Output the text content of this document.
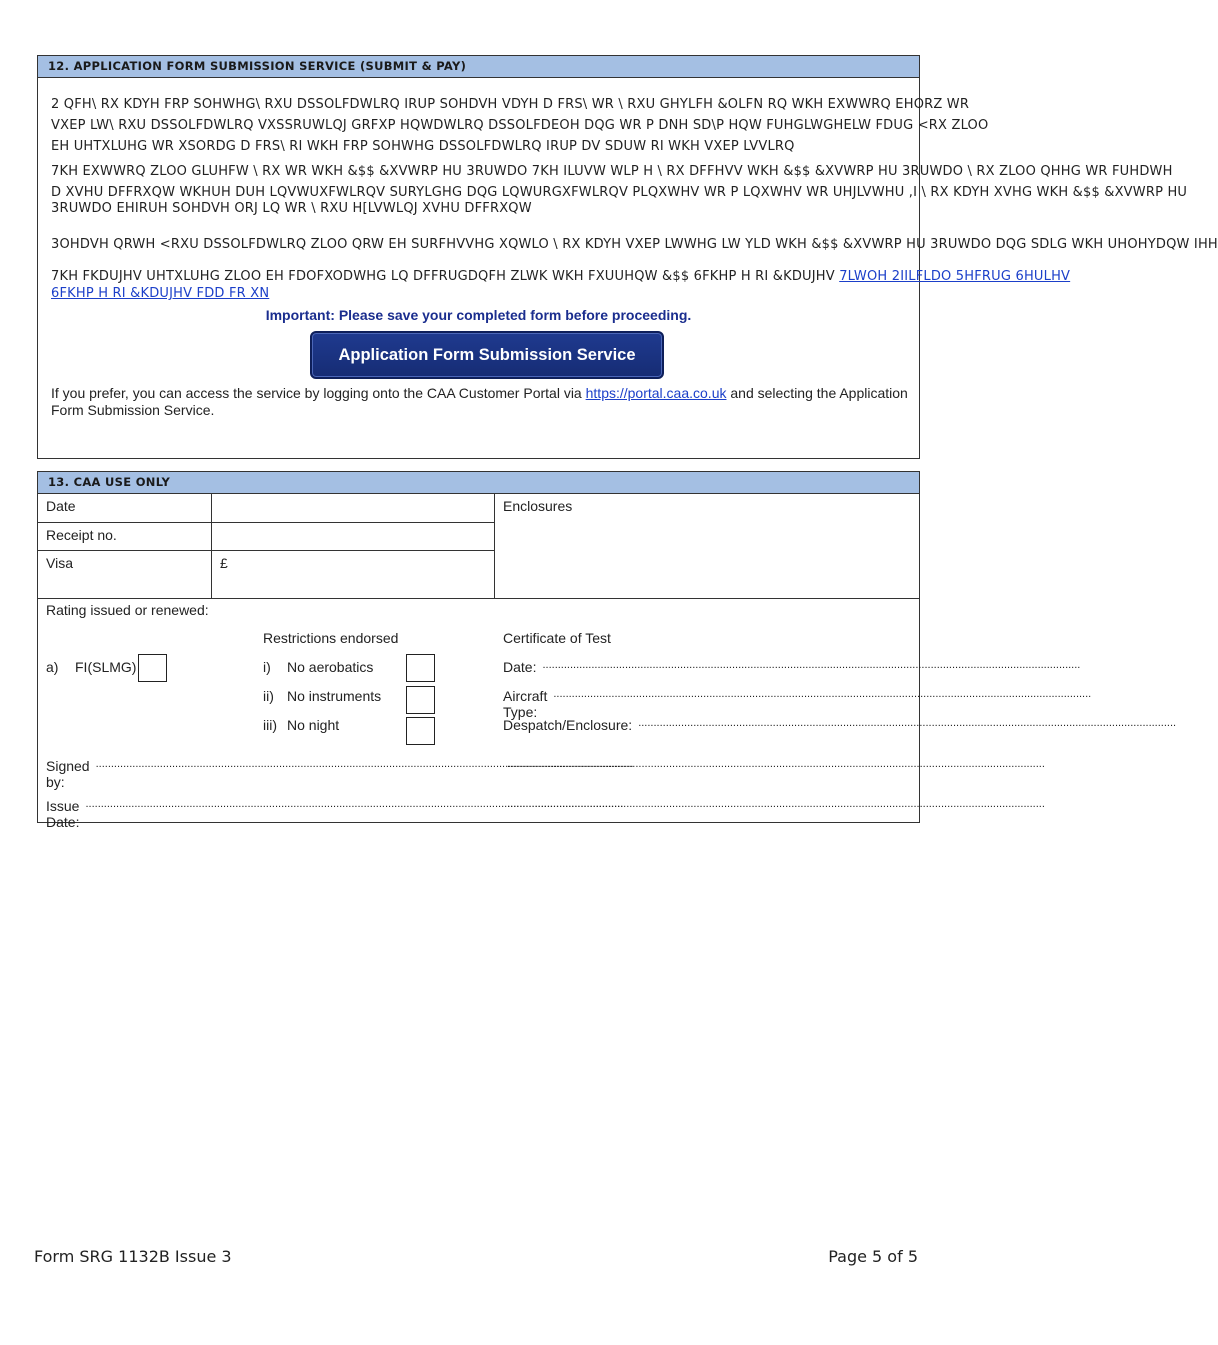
12. APPLICATION FORM SUBMISSION SERVICE (SUBMIT & PAY)
2 QFH\ RX KDYH FRP SOHWHG\ RXU DSSOLFDWLRQ IRUP SOHDVH VDYH D FRS\ WR \ RXU GHYLFH &OLFN RQ WKH EXWWRQ EHORZ WR
VXEP LW\ RXU DSSOLFDWLRQ VXSSRUWLQJ GRFXP HQWDWLRQ DSSOLFDEOH DQG WR P DNH SD\P HQW FUHGLWGHELW FDUG <RX ZLOO
EH UHTXLUHG WR XSORDG D FRS\ RI WKH FRP SOHWHG DSSOLFDWLRQ IRUP DV SDUW RI WKH VXEP LVVLRQ
7KH EXWWRQ ZLOO GLUHFW \ RX WR WKH &$$ &XVWRP HU 3RUWDO 7KH ILUVW WLP H \ RX DFFHVV WKH &$$ &XVWRP HU 3RUWDO \ RX ZLOO QHHG WR FUHDWH
D XVHU DFFRXQW WKHUH DUH LQVWUXFWLRQV SURYLGHG DQG LQWURGXFWLRQV PLQXWHV WR P LQXWHV WR UHJLVWHU ,I \ RX KDYH XVHG WKH &$$ &XVWRP HU
3RUWDO EHIRUH SOHDVH ORJ LQ WR \ RXU H[LVWLQJ XVHU DFFRXQW
3OHDVH QRWH <RXU DSSOLFDWLRQ ZLOO QRW EH SURFHVVHG XQWLO \ RX KDYH VXEP LWWHG LW YLD WKH &$$ &XVWRP HU 3RUWDO DQG SDLG WKH UHOHYDQW IHH
7KH FKDUJHV UHTXLUHG ZLOO EH FDOFXODWHG LQ DFFRUGDQFH ZLWK WKH FXUUHQW &$$ 6FKHP H RI &KDUJHV 7LWOH 2IILFLDO 5HFRUG 6HULHV
6FKHP H RI &KDUJHV FDD FR XN
Important: Please save your completed form before proceeding.
Application Form Submission Service
If you prefer, you can access the service by logging onto the CAA Customer Portal via https://portal.caa.co.uk and selecting the Application Form Submission Service.
13. CAA USE ONLY
Date
Receipt no.
Visa	£
Enclosures
Rating issued or renewed:
Restrictions endorsed	Certificate of Test
a) FI(SLMG)	i) No aerobatics
ii) No instruments
iii) No night
Date: ................................................................................................................................................................................
Aircraft Type:
................................................................................................................................................................................
Despatch/Enclosure: ................................................................................................................................................................................
Signed by:
................................................................................................................................................................................
................................................................................................................................................................................
Issue Date:
................................................................................................................................................................................
................................................................................................................................................................................
Form SRG 1132B Issue 3	Page 5 of 5
